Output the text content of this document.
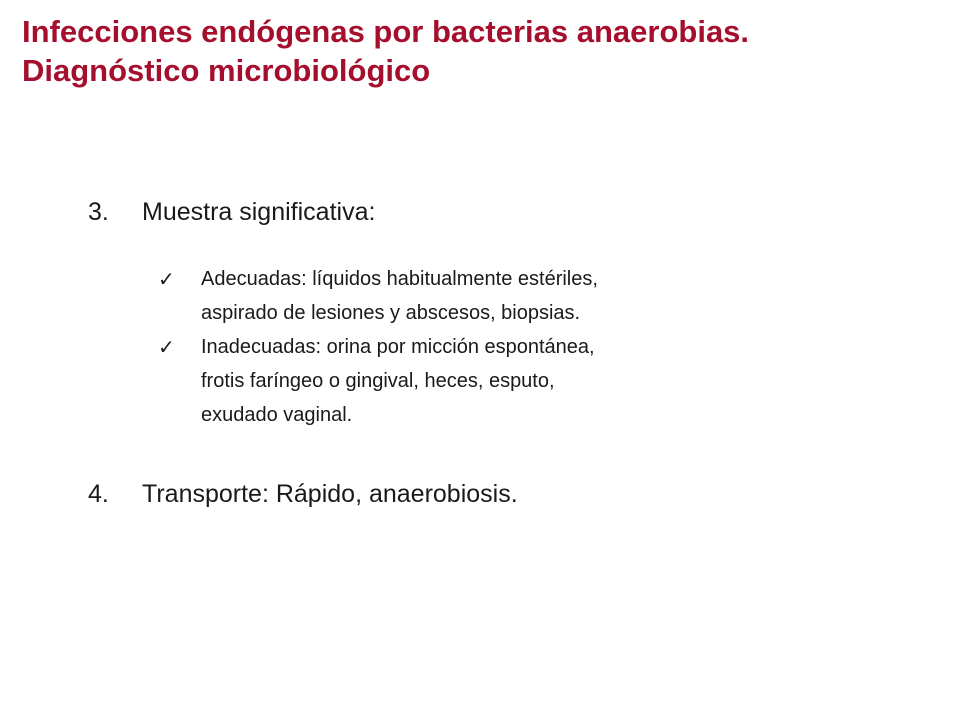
Infecciones endógenas por bacterias anaerobias.
Diagnóstico microbiológico
3. Muestra significativa:
✓ Adecuadas: líquidos habitualmente estériles,
aspirado de lesiones y abscesos, biopsias.
✓ Inadecuadas: orina por micción espontánea,
frotis faríngeo o gingival, heces, esputo,
exudado vaginal.
4. Transporte: Rápido, anaerobiosis.
